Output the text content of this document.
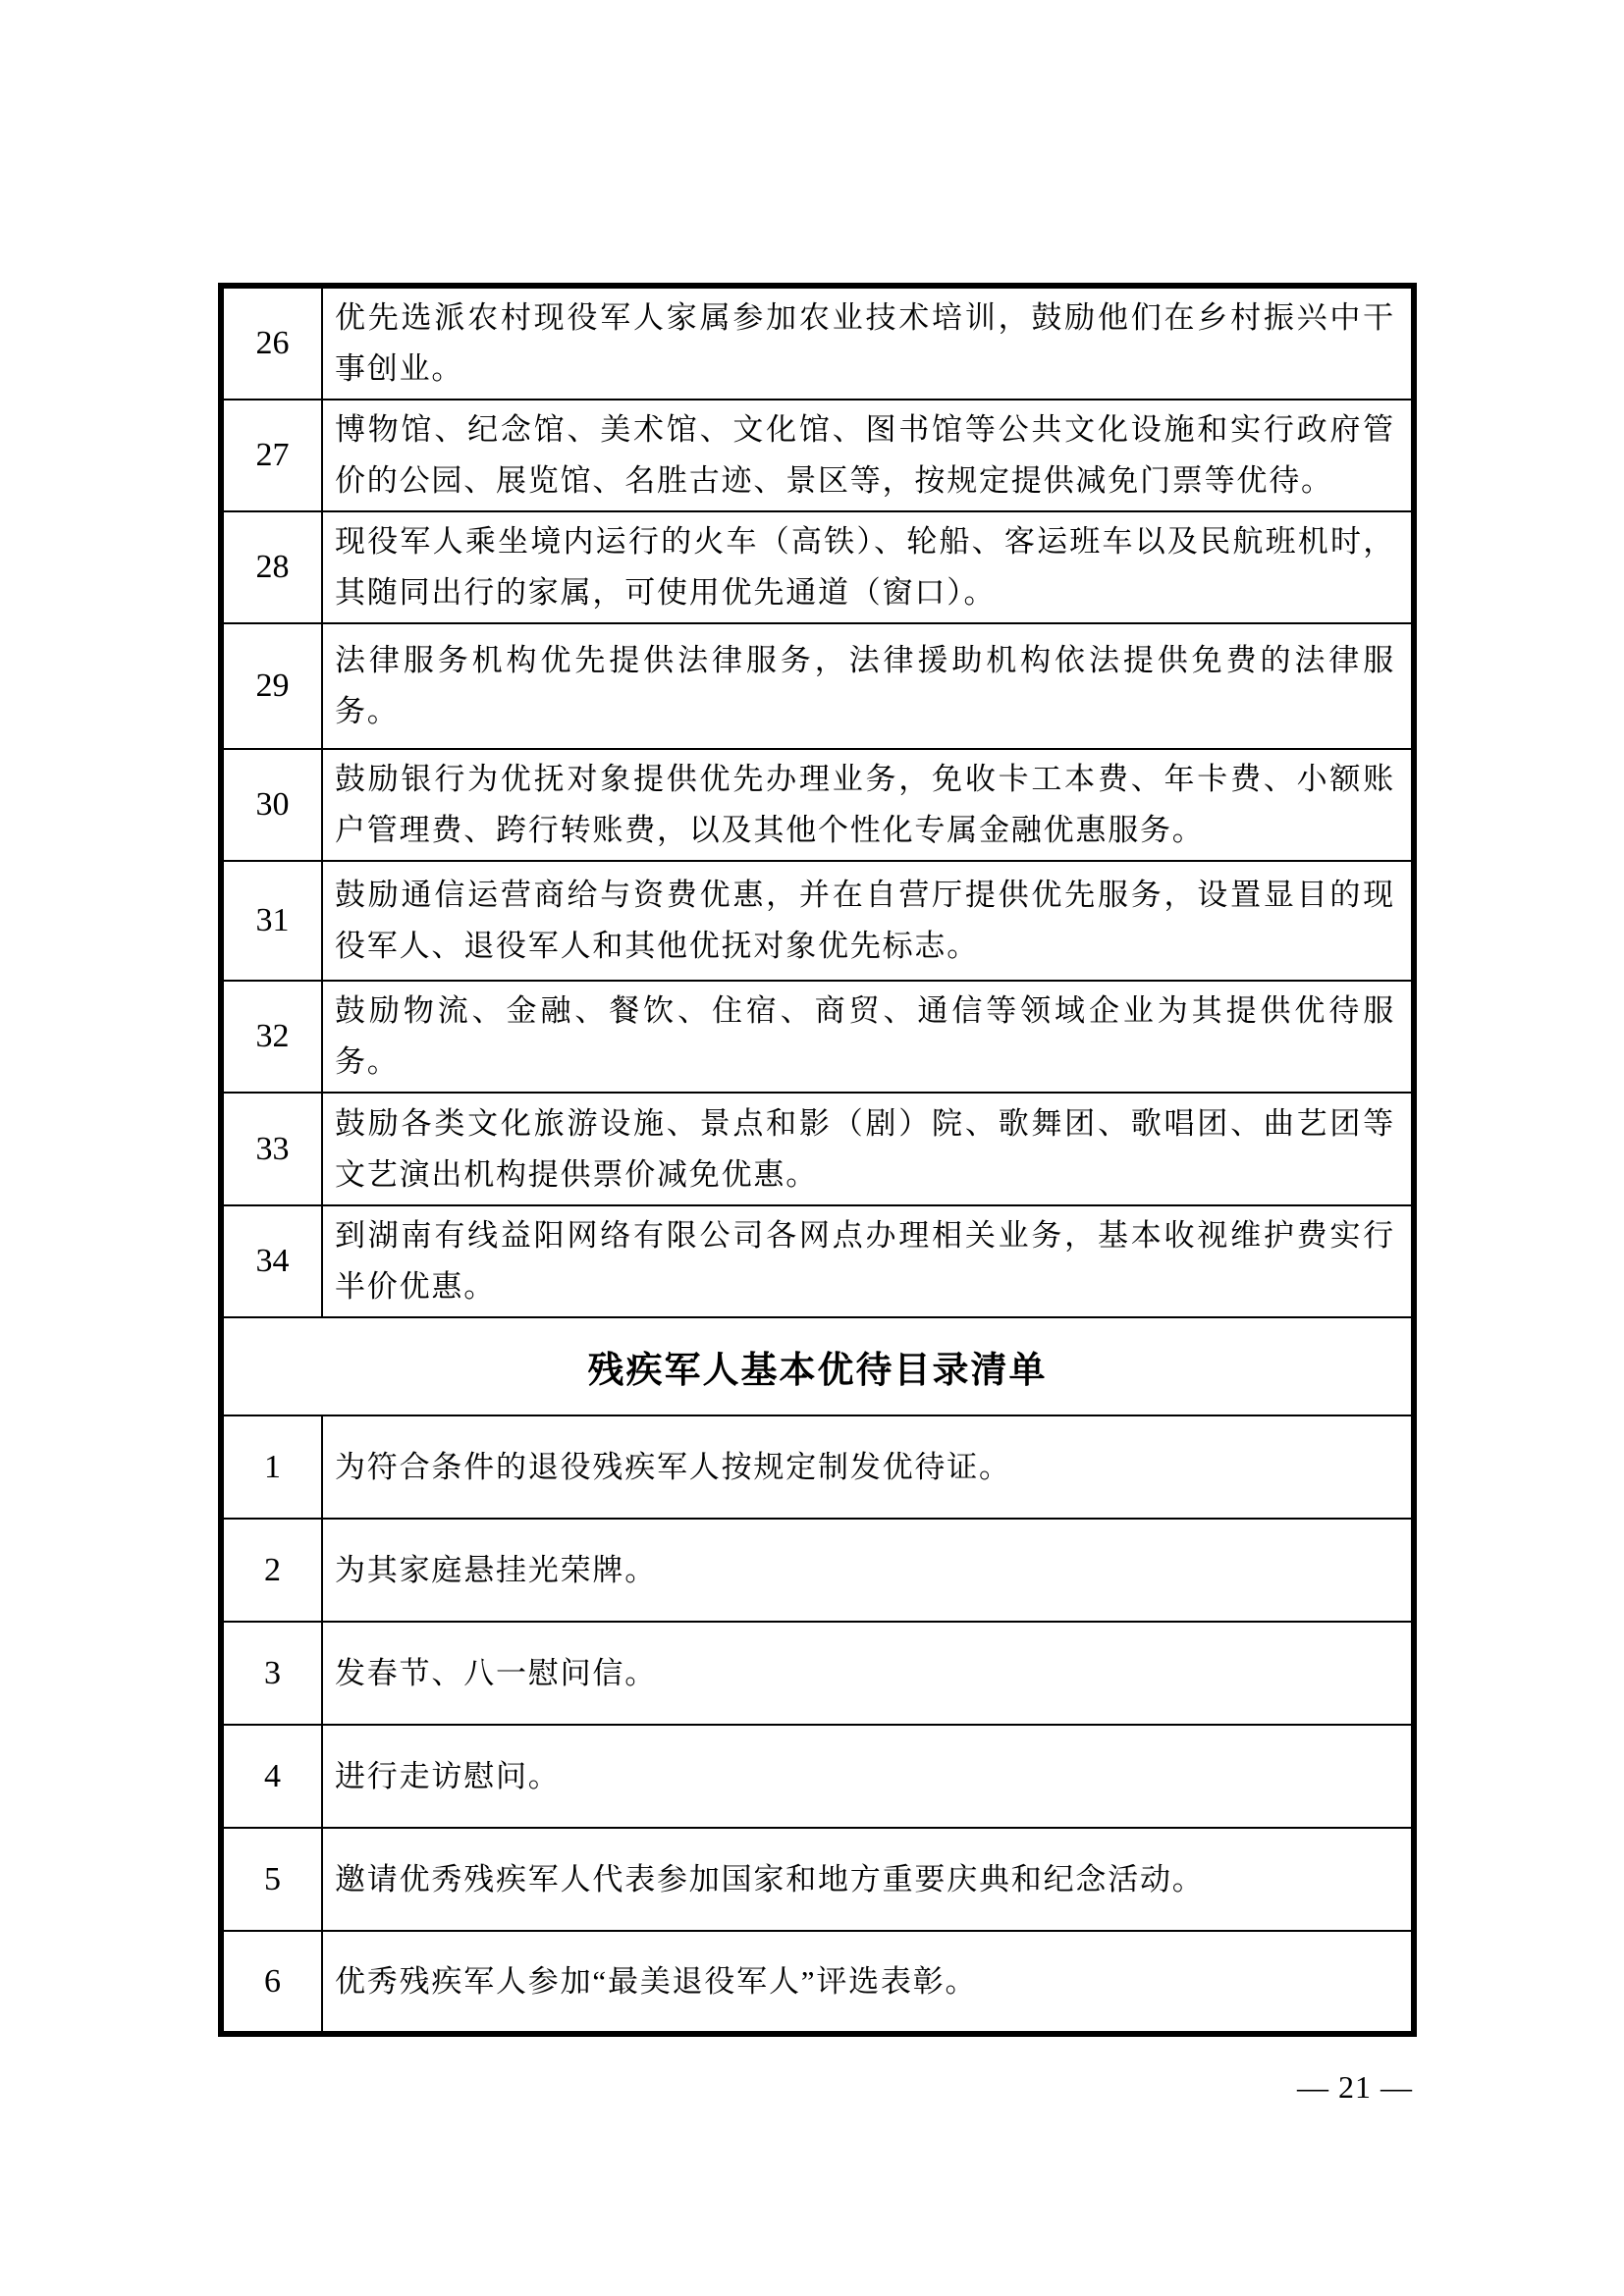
26	优先选派农村现役军人家属参加农业技术培训，鼓励他们在乡村振兴中干事创业。
27	博物馆、纪念馆、美术馆、文化馆、图书馆等公共文化设施和实行政府管价的公园、展览馆、名胜古迹、景区等，按规定提供减免门票等优待。
28	现役军人乘坐境内运行的火车（高铁）、轮船、客运班车以及民航班机时，其随同出行的家属，可使用优先通道（窗口）。
29	法律服务机构优先提供法律服务，法律援助机构依法提供免费的法律服务。
30	鼓励银行为优抚对象提供优先办理业务，免收卡工本费、年卡费、小额账户管理费、跨行转账费，以及其他个性化专属金融优惠服务。
31	鼓励通信运营商给与资费优惠，并在自营厅提供优先服务，设置显目的现役军人、退役军人和其他优抚对象优先标志。
32	鼓励物流、金融、餐饮、住宿、商贸、通信等领域企业为其提供优待服务。
33	鼓励各类文化旅游设施、景点和影（剧）院、歌舞团、歌唱团、曲艺团等文艺演出机构提供票价减免优惠。
34	到湖南有线益阳网络有限公司各网点办理相关业务，基本收视维护费实行半价优惠。
残疾军人基本优待目录清单	
1	为符合条件的退役残疾军人按规定制发优待证。
2	为其家庭悬挂光荣牌。
3	发春节、八一慰问信。
4	进行走访慰问。
5	邀请优秀残疾军人代表参加国家和地方重要庆典和纪念活动。
6	优秀残疾军人参加“最美退役军人”评选表彰。
— 21 —
